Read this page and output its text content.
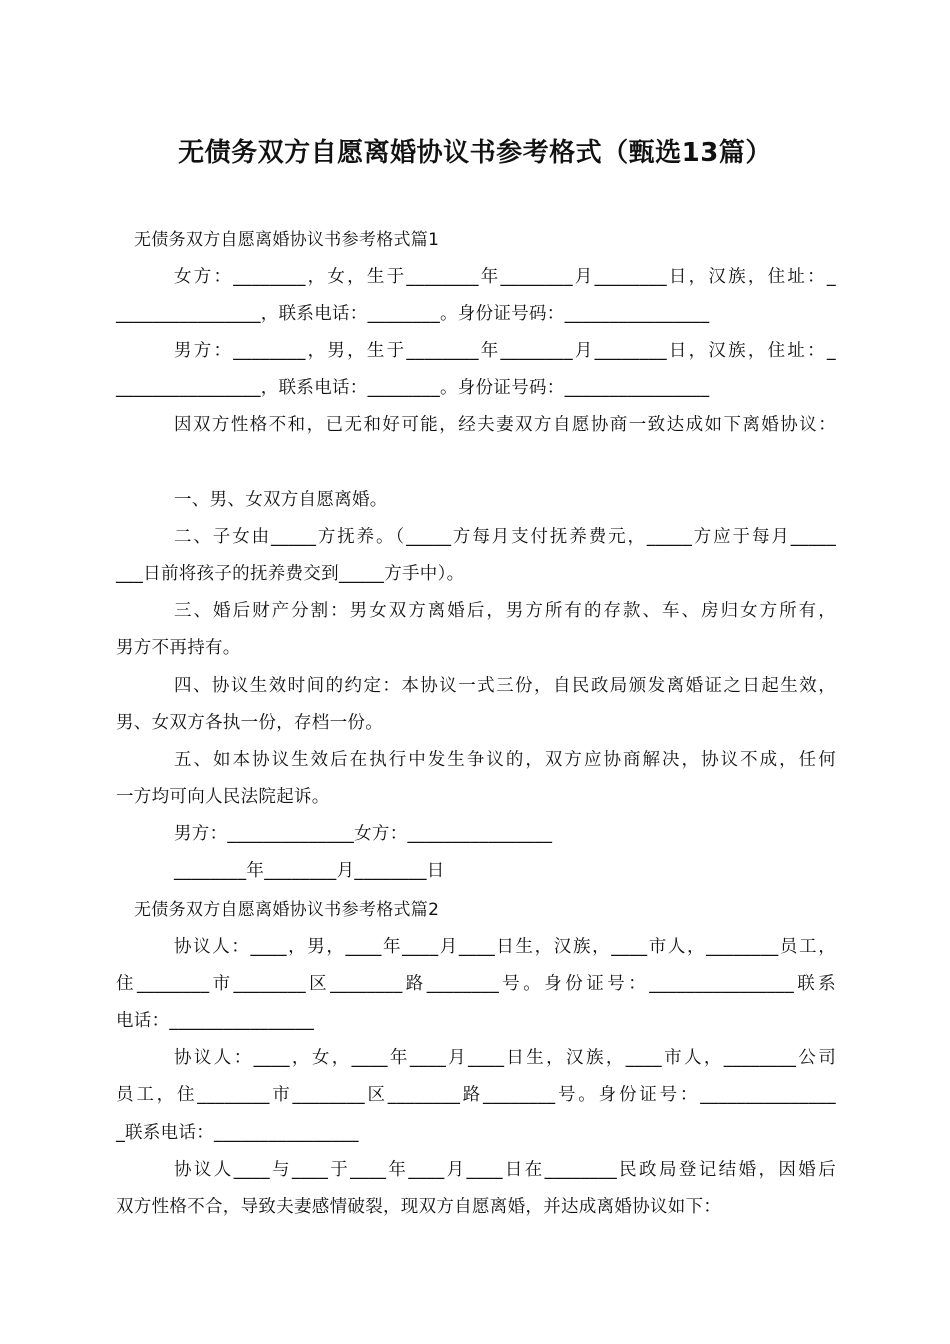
无债务双方自愿离婚协议书参考格式（甄选13篇）
无债务双方自愿离婚协议书参考格式篇1
女方：________，女，生于________年________月________日，汉族，住址：_
________________，联系电话：________。身份证号码：________________
男方：________，男，生于________年________月________日，汉族，住址：_
________________，联系电话：________。身份证号码：________________
因双方性格不和，已无和好可能，经夫妻双方自愿协商一致达成如下离婚协议：
一、男、女双方自愿离婚。
二、子女由_____方抚养。（_____方每月支付抚养费元，_____方应于每月_____
___日前将孩子的抚养费交到_____方手中）。
三、婚后财产分割：男女双方离婚后，男方所有的存款、车、房归女方所有，
男方不再持有。
四、协议生效时间的约定：本协议一式三份，自民政局颁发离婚证之日起生效，
男、女双方各执一份，存档一份。
五、如本协议生效后在执行中发生争议的，双方应协商解决，协议不成，任何
一方均可向人民法院起诉。
男方：______________女方：________________
________年________月________日
无债务双方自愿离婚协议书参考格式篇2
协议人：____，男，____年____月____日生，汉族，____市人，________员工，
住________市________区________路________号。身份证号：________________联系
电话：________________
协议人：____，女，____年____月____日生，汉族，____市人，________公司
员工，住________市________区________路________号。身份证号：_______________
_联系电话：________________
协议人____与____于____年____月____日在________民政局登记结婚，因婚后
双方性格不合，导致夫妻感情破裂，现双方自愿离婚，并达成离婚协议如下：
